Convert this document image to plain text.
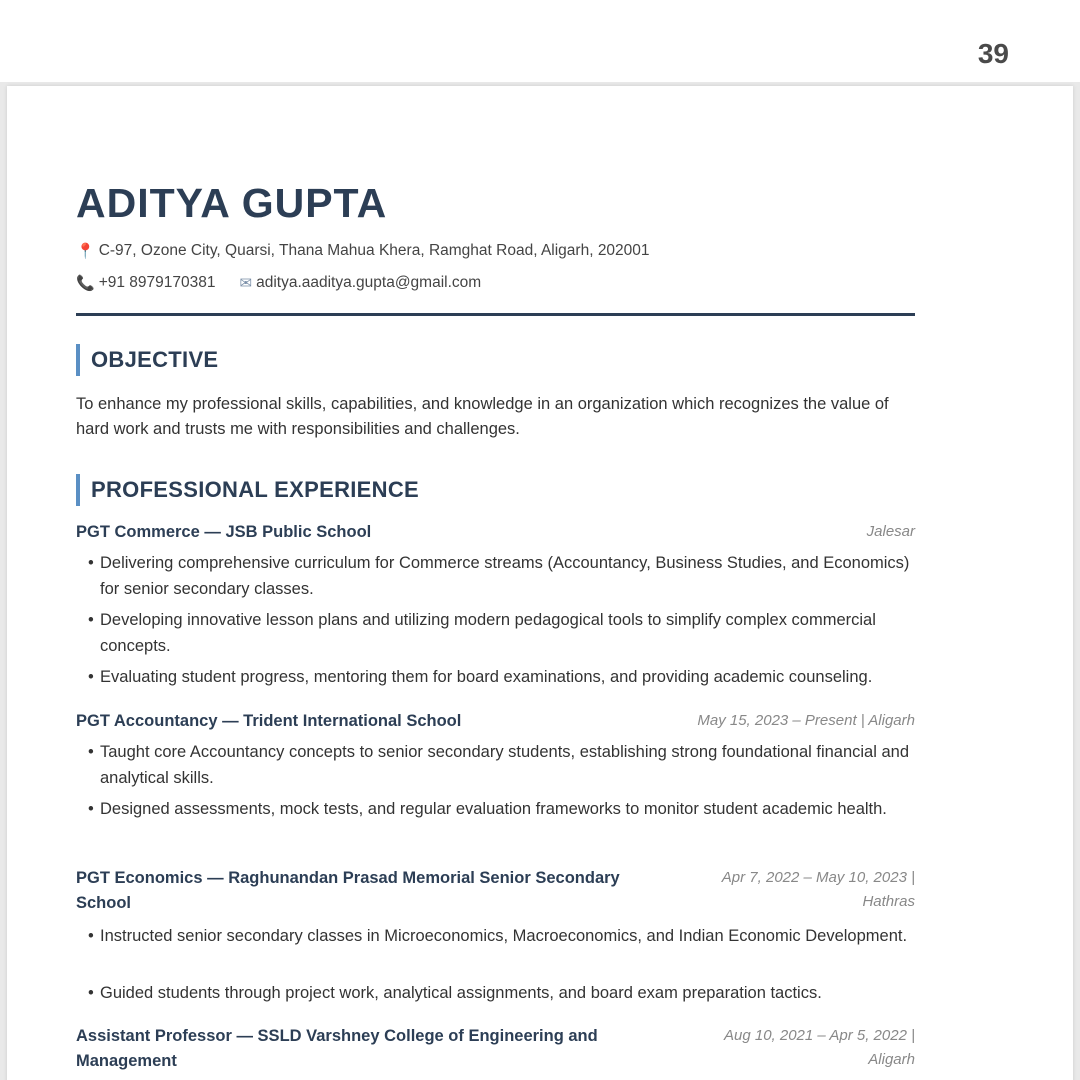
39
ADITYA GUPTA
📍 C-97, Ozone City, Quarsi, Thana Mahua Khera, Ramghat Road, Aligarh, 202001
📞 +91 8979170381 ✉ aditya.aaditya.gupta@gmail.com
OBJECTIVE
To enhance my professional skills, capabilities, and knowledge in an organization which recognizes the value of hard work and trusts me with responsibilities and challenges.
PROFESSIONAL EXPERIENCE
PGT Commerce — JSB Public School	Jalesar
• Delivering comprehensive curriculum for Commerce streams (Accountancy, Business Studies, and Economics) for senior secondary classes.
• Developing innovative lesson plans and utilizing modern pedagogical tools to simplify complex commercial concepts.
• Evaluating student progress, mentoring them for board examinations, and providing academic counseling.
PGT Accountancy — Trident International School	May 15, 2023 – Present | Aligarh
• Taught core Accountancy concepts to senior secondary students, establishing strong foundational financial and analytical skills.
• Designed assessments, mock tests, and regular evaluation frameworks to monitor student academic health.
PGT Economics — Raghunandan Prasad Memorial Senior Secondary
School
Apr 7, 2022 – May 10, 2023 |
Hathras
• Instructed senior secondary classes in Microeconomics, Macroeconomics, and Indian Economic Development.
• Guided students through project work, analytical assignments, and board exam preparation tactics.
Assistant Professor — SSLD Varshney College of Engineering and
Management
Aug 10, 2021 – Apr 5, 2022 |
Aligarh
